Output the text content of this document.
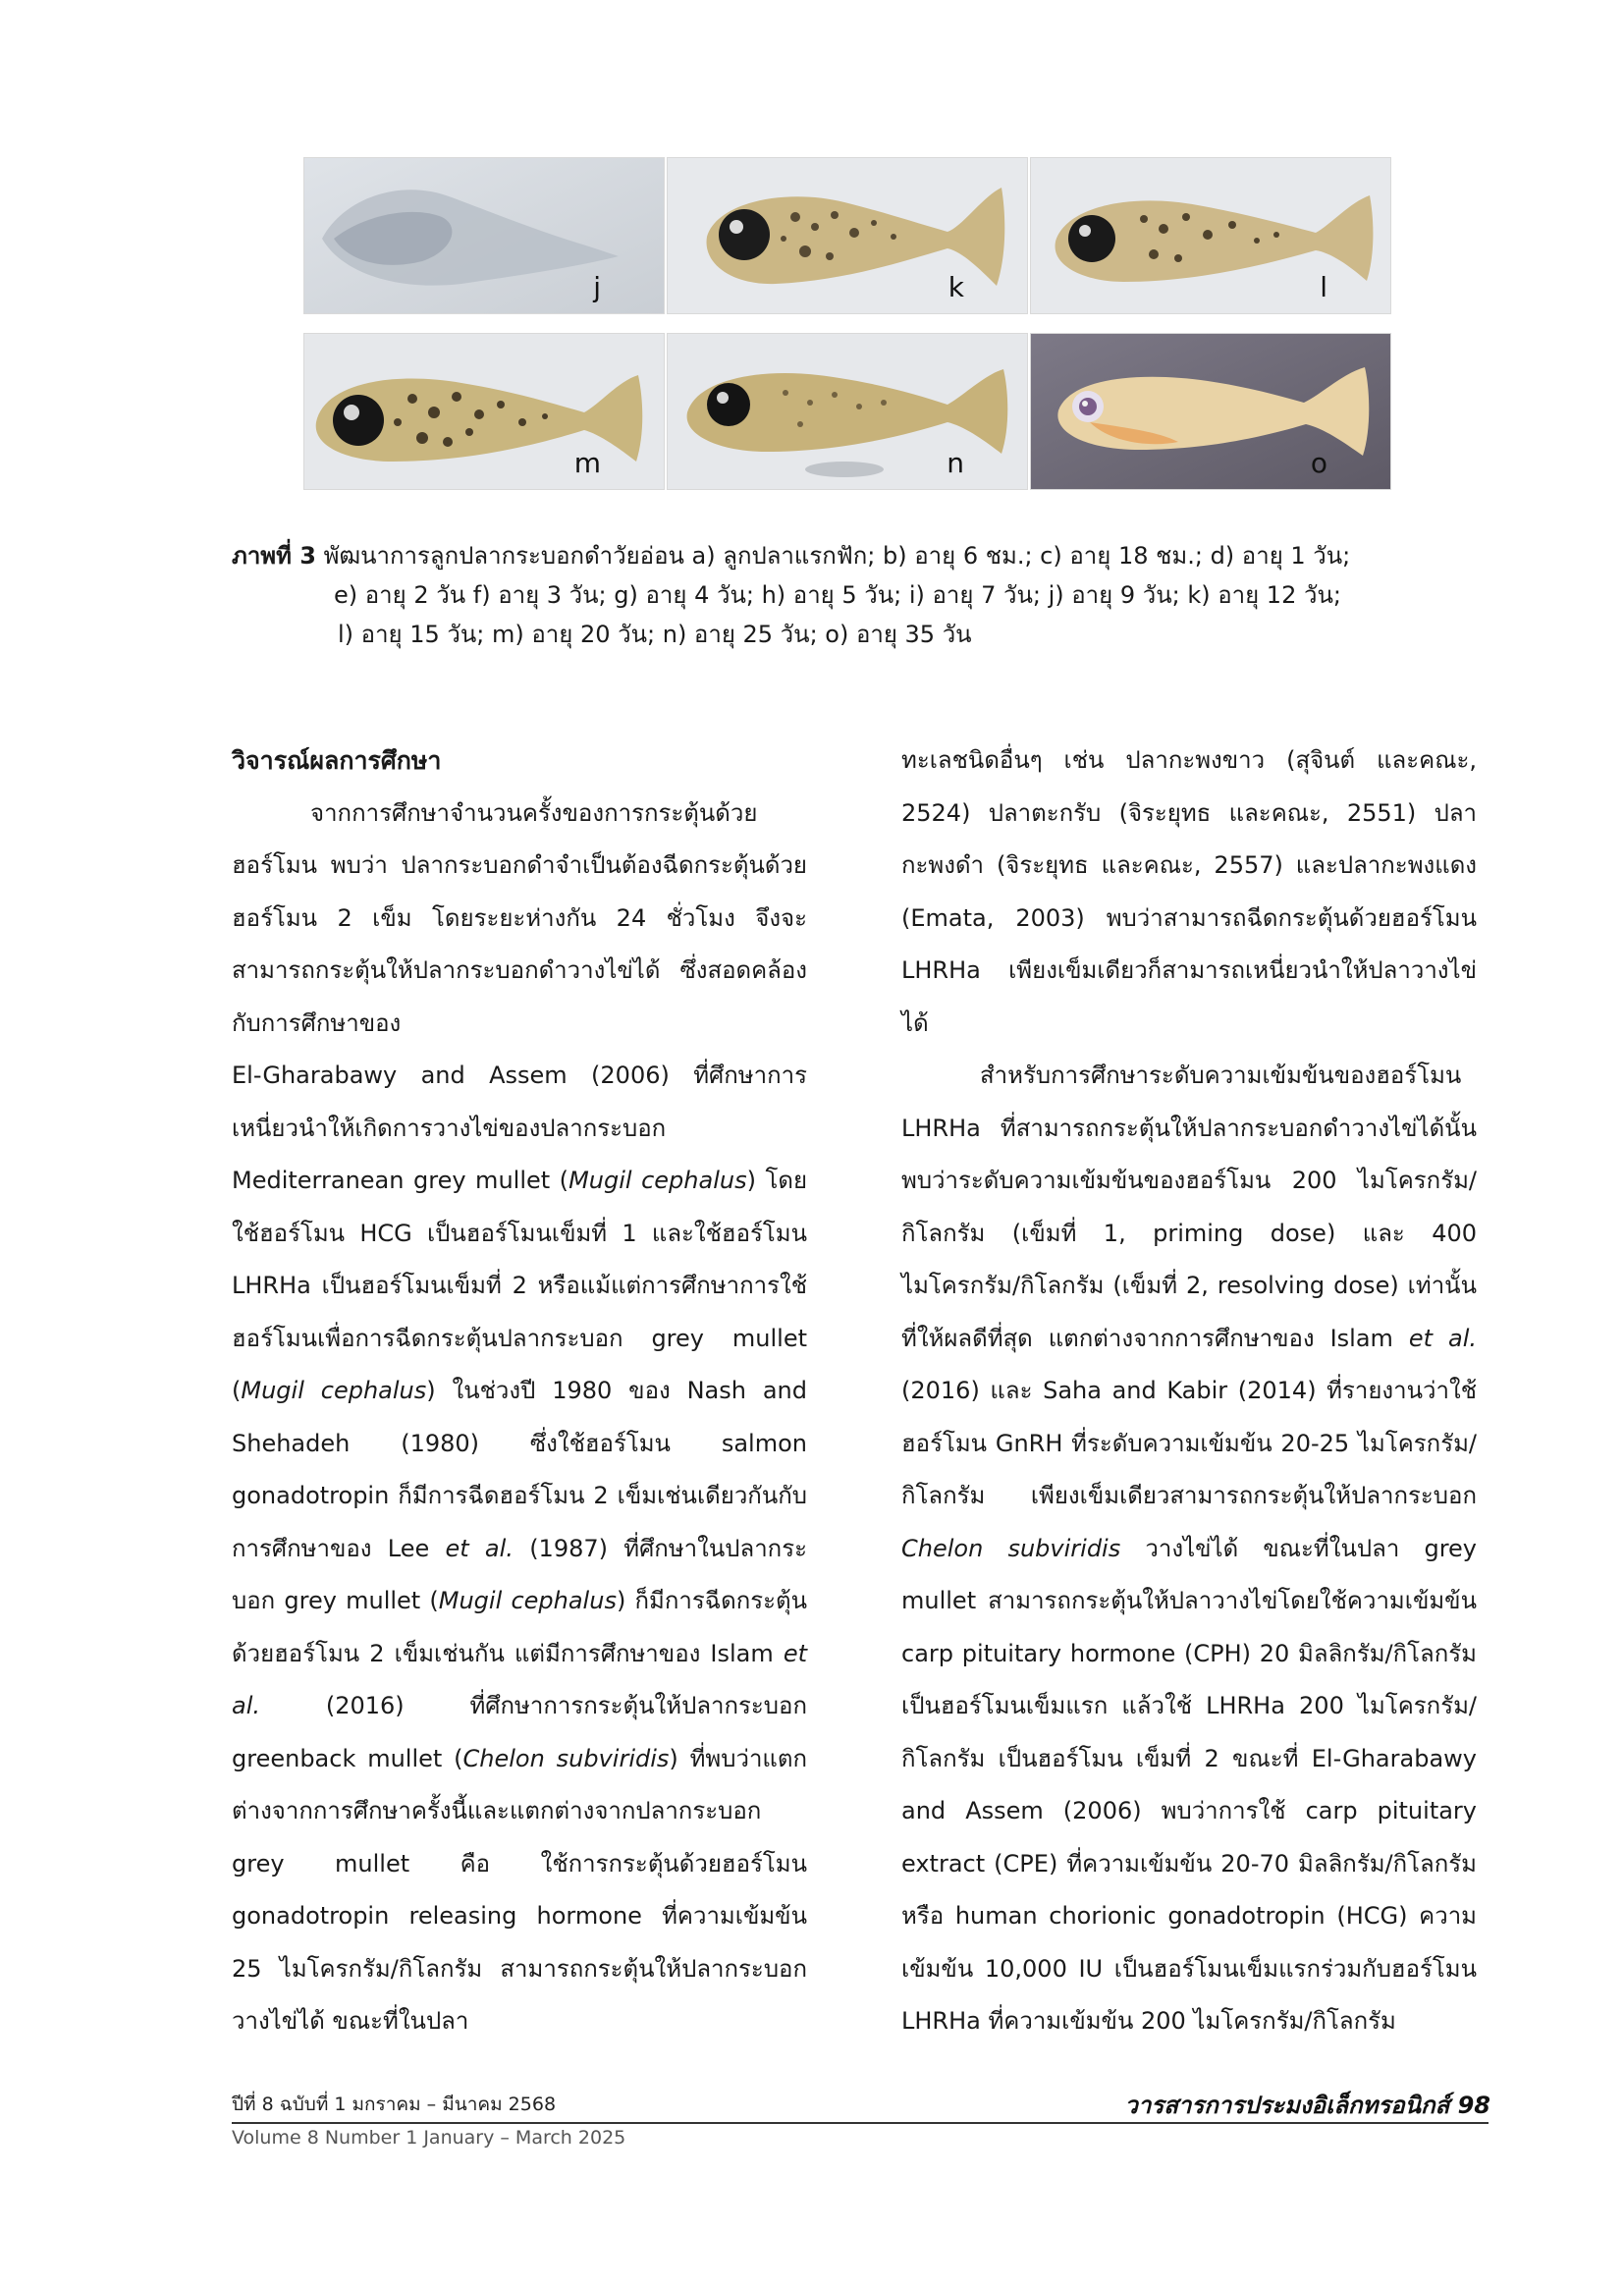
j	k	l
m	n	o
ภาพที่ 3 พัฒนาการลูกปลากระบอกดำวัยอ่อน a) ลูกปลาแรกฟัก; b) อายุ 6 ชม.; c) อายุ 18 ชม.; d) อายุ 1 วัน;
e) อายุ 2 วัน f) อายุ 3 วัน; g) อายุ 4 วัน; h) อายุ 5 วัน; i) อายุ 7 วัน; j) อายุ 9 วัน; k) อายุ 12 วัน;
l) อายุ 15 วัน; m) อายุ 20 วัน; n) อายุ 25 วัน; o) อายุ 35 วัน

วิจารณ์ผลการศึกษา

จากการศึกษาจำนวนครั้งของการกระตุ้นด้วยฮอร์โมน พบว่า ปลากระบอกดำจำเป็นต้องฉีดกระตุ้นด้วยฮอร์โมน 2 เข็ม โดยระยะห่างกัน 24 ชั่วโมง จึงจะสามารถกระตุ้นให้ปลากระบอกดำวางไข่ได้ ซึ่งสอดคล้องกับการศึกษาของ

El-Gharabawy and Assem (2006) ที่ศึกษาการเหนี่ยวนำให้เกิดการวางไข่ของปลากระบอก Mediterranean grey mullet (Mugil cephalus) โดยใช้ฮอร์โมน HCG เป็นฮอร์โมนเข็มที่ 1 และใช้ฮอร์โมน LHRHa เป็นฮอร์โมนเข็มที่ 2 หรือแม้แต่การศึกษาการใช้ฮอร์โมนเพื่อการฉีดกระตุ้นปลากระบอก grey mullet (Mugil cephalus) ในช่วงปี 1980 ของ Nash and Shehadeh (1980) ซึ่งใช้ฮอร์โมน salmon gonadotropin ก็มีการฉีดฮอร์โมน 2 เข็มเช่นเดียวกันกับการศึกษาของ Lee et al. (1987) ที่ศึกษาในปลากระบอก grey mullet (Mugil cephalus) ก็มีการฉีดกระตุ้นด้วยฮอร์โมน 2 เข็มเช่นกัน แต่มีการศึกษาของ Islam et al. (2016) ที่ศึกษาการกระตุ้นให้ปลากระบอก greenback mullet (Chelon subviridis) ที่พบว่าแตกต่างจากการศึกษาครั้งนี้และแตกต่างจากปลากระบอก grey mullet คือ ใช้การกระตุ้นด้วยฮอร์โมน gonadotropin releasing hormone ที่ความเข้มข้น 25 ไมโครกรัม/กิโลกรัม สามารถกระตุ้นให้ปลากระบอกวางไข่ได้ ขณะที่ในปลา

ทะเลชนิดอื่นๆ เช่น ปลากะพงขาว (สุจินต์ และคณะ, 2524) ปลาตะกรับ (จิระยุทธ และคณะ, 2551) ปลากะพงดำ (จิระยุทธ และคณะ, 2557) และปลากะพงแดง (Emata, 2003) พบว่าสามารถฉีดกระตุ้นด้วยฮอร์โมน LHRHa เพียงเข็มเดียวก็สามารถเหนี่ยวนำให้ปลาวางไข่ได้

สำหรับการศึกษาระดับความเข้มข้นของฮอร์โมน LHRHa ที่สามารถกระตุ้นให้ปลากระบอกดำวางไข่ได้นั้น พบว่าระดับความเข้มข้นของฮอร์โมน 200 ไมโครกรัม/กิโลกรัม (เข็มที่ 1, priming dose) และ 400 ไมโครกรัม/กิโลกรัม (เข็มที่ 2, resolving dose) เท่านั้นที่ให้ผลดีที่สุด แตกต่างจากการศึกษาของ Islam et al. (2016) และ Saha and Kabir (2014) ที่รายงานว่าใช้ฮอร์โมน GnRH ที่ระดับความเข้มข้น 20-25 ไมโครกรัม/กิโลกรัม เพียงเข็มเดียวสามารถกระตุ้นให้ปลากระบอก Chelon subviridis วางไข่ได้ ขณะที่ในปลา grey mullet สามารถกระตุ้นให้ปลาวางไข่โดยใช้ความเข้มข้น carp pituitary hormone (CPH) 20 มิลลิกรัม/กิโลกรัม เป็นฮอร์โมนเข็มแรก แล้วใช้ LHRHa 200 ไมโครกรัม/กิโลกรัม เป็นฮอร์โมน เข็มที่ 2 ขณะที่ El-Gharabawy and Assem (2006) พบว่าการใช้ carp pituitary extract (CPE) ที่ความเข้มข้น 20-70 มิลลิกรัม/กิโลกรัม หรือ human chorionic gonadotropin (HCG) ความเข้มข้น 10,000 IU เป็นฮอร์โมนเข็มแรกร่วมกับฮอร์โมน LHRHa ที่ความเข้มข้น 200 ไมโครกรัม/กิโลกรัม

ปีที่ 8 ฉบับที่ 1 มกราคม – มีนาคม 2568
Volume 8 Number 1 January – March 2025
วารสารการประมงอิเล็กทรอนิกส์ 98
